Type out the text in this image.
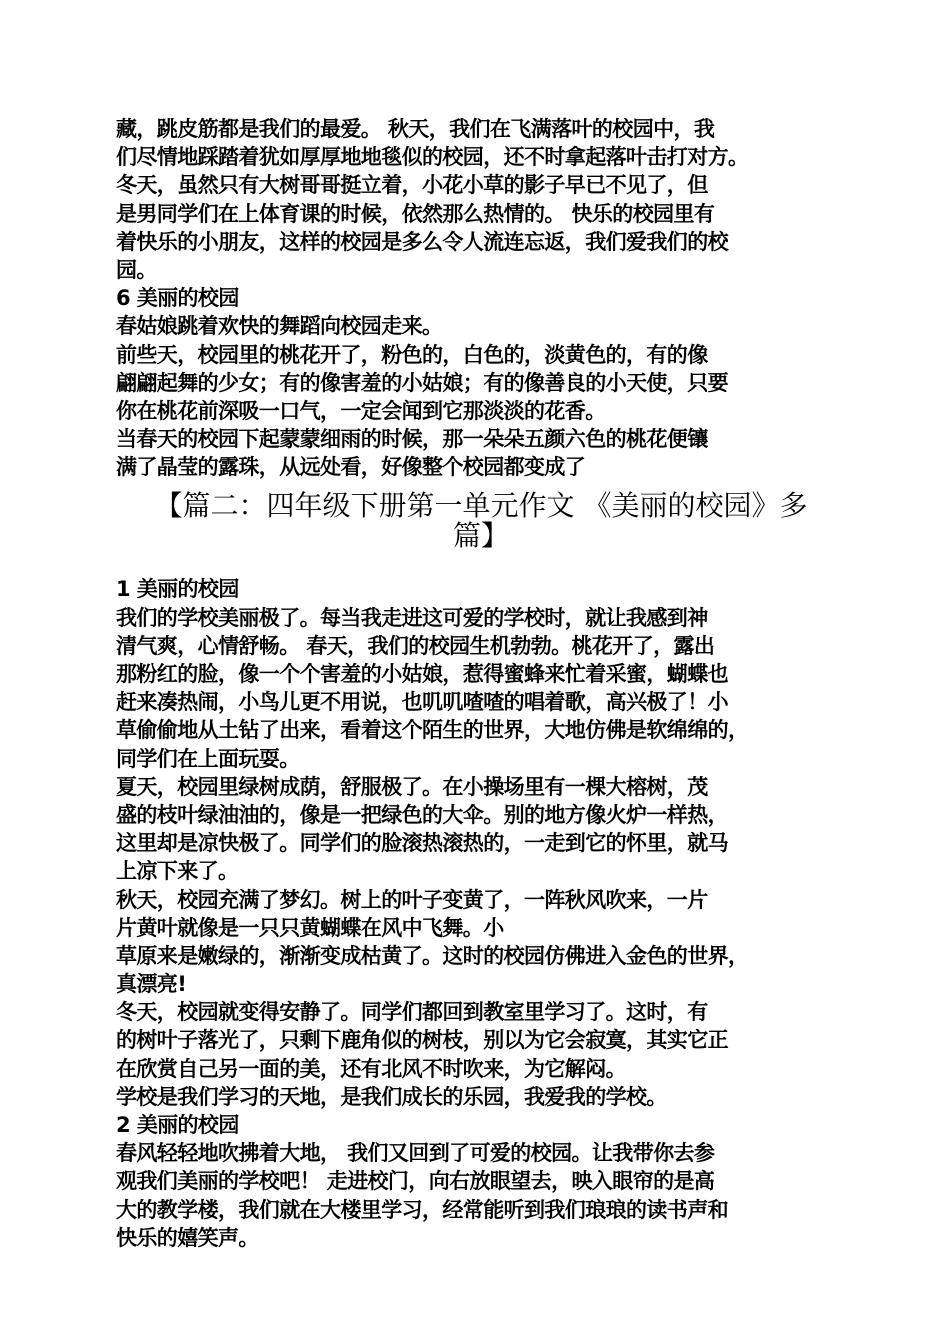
藏，跳皮筋都是我们的最爱。 秋天，我们在飞满落叶的校园中，我
们尽情地踩踏着犹如厚厚地地毯似的校园，还不时拿起落叶击打对方。
冬天，虽然只有大树哥哥挺立着，小花小草的影子早已不见了，但
是男同学们在上体育课的时候，依然那么热情的。 快乐的校园里有
着快乐的小朋友，这样的校园是多么令人流连忘返，我们爱我们的校
园。
6 美丽的校园
春姑娘跳着欢快的舞蹈向校园走来。
前些天，校园里的桃花开了，粉色的，白色的，淡黄色的，有的像
翩翩起舞的少女；有的像害羞的小姑娘；有的像善良的小天使，只要
你在桃花前深吸一口气，一定会闻到它那淡淡的花香。
当春天的校园下起蒙蒙细雨的时候，那一朵朵五颜六色的桃花便镶
满了晶莹的露珠，从远处看，好像整个校园都变成了
【篇二：四年级下册第一单元作文 《美丽的校园》多
篇】
1 美丽的校园
我们的学校美丽极了。每当我走进这可爱的学校时，就让我感到神
清气爽，心情舒畅。 春天，我们的校园生机勃勃。桃花开了，露出
那粉红的脸，像一个个害羞的小姑娘，惹得蜜蜂来忙着采蜜，蝴蝶也
赶来凑热闹，小鸟儿更不用说，也叽叽喳喳的唱着歌，高兴极了！小
草偷偷地从土钻了出来，看着这个陌生的世界，大地仿佛是软绵绵的，
同学们在上面玩耍。
夏天，校园里绿树成荫，舒服极了。在小操场里有一棵大榕树，茂
盛的枝叶绿油油的，像是一把绿色的大伞。别的地方像火炉一样热，
这里却是凉快极了。同学们的脸滚热滚热的，一走到它的怀里，就马
上凉下来了。
秋天，校园充满了梦幻。树上的叶子变黄了，一阵秋风吹来，一片
片黄叶就像是一只只黄蝴蝶在风中飞舞。小
草原来是嫩绿的，渐渐变成枯黄了。这时的校园仿佛进入金色的世界，
真漂亮!
冬天，校园就变得安静了。同学们都回到教室里学习了。这时，有
的树叶子落光了，只剩下鹿角似的树枝，别以为它会寂寞，其实它正
在欣赏自己另一面的美，还有北风不时吹来，为它解闷。
学校是我们学习的天地，是我们成长的乐园，我爱我的学校。
2 美丽的校园
春风轻轻地吹拂着大地， 我们又回到了可爱的校园。让我带你去参
观我们美丽的学校吧！ 走进校门，向右放眼望去，映入眼帘的是高
大的教学楼，我们就在大楼里学习，经常能听到我们琅琅的读书声和
快乐的嬉笑声。
